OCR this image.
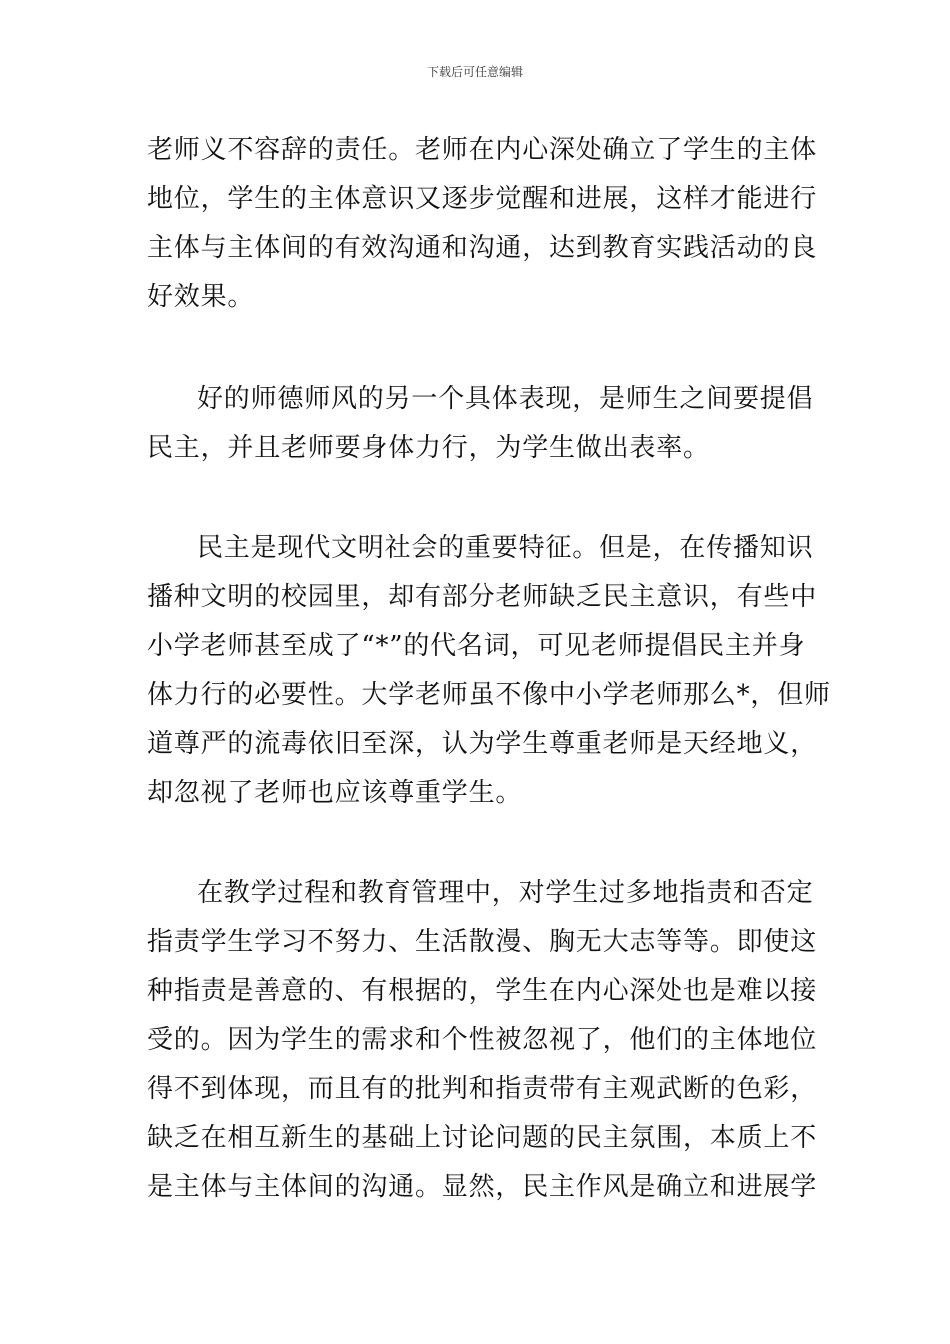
下载后可任意编辑
老师义不容辞的责任。老师在内心深处确立了学生的主体
地位，学生的主体意识又逐步觉醒和进展，这样才能进行
主体与主体间的有效沟通和沟通，达到教育实践活动的良
好效果。
好的师德师风的另一个具体表现，是师生之间要提倡
民主，并且老师要身体力行，为学生做出表率。
民主是现代文明社会的重要特征。但是，在传播知识
播种文明的校园里，却有部分老师缺乏民主意识，有些中
小学老师甚至成了“*”的代名词，可见老师提倡民主并身
体力行的必要性。大学老师虽不像中小学老师那么*，但师
道尊严的流毒依旧至深，认为学生尊重老师是天经地义，
却忽视了老师也应该尊重学生。
在教学过程和教育管理中，对学生过多地指责和否定
指责学生学习不努力、生活散漫、胸无大志等等。即使这
种指责是善意的、有根据的，学生在内心深处也是难以接
受的。因为学生的需求和个性被忽视了，他们的主体地位
得不到体现，而且有的批判和指责带有主观武断的色彩，
缺乏在相互新生的基础上讨论问题的民主氛围，本质上不
是主体与主体间的沟通。显然，民主作风是确立和进展学
